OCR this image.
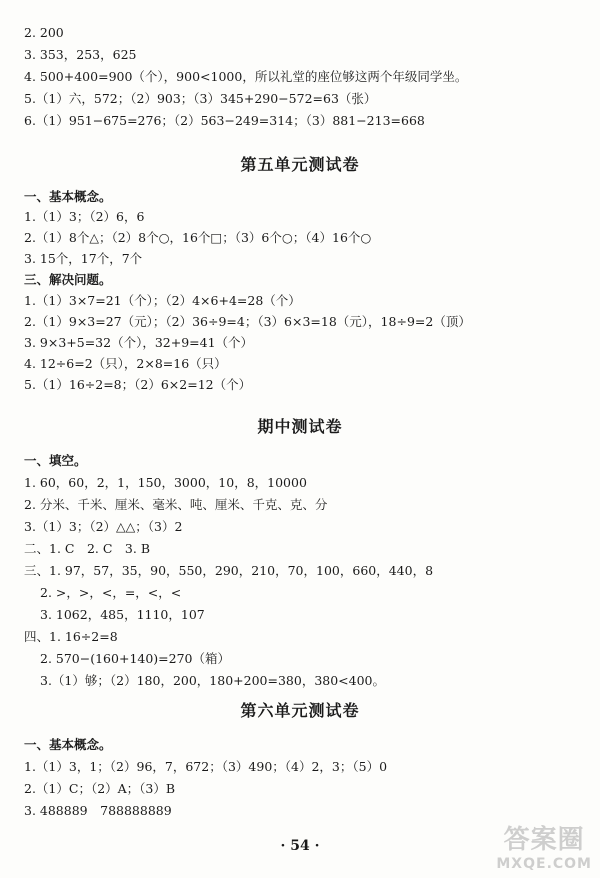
2. 200
3. 353，253，625
4. 500+400=900（个），900<1000，所以礼堂的座位够这两个年级同学坐。
5.（1）六，572；（2）903；（3）345+290−572=63（张）
6.（1）951−675=276；（2）563−249=314；（3）881−213=668
第五单元测试卷
一、基本概念。
1.（1）3；（2）6，6
2.（1）8个△；（2）8个○，16个□；（3）6个○；（4）16个○
3. 15个，17个，7个
三、解决问题。
1.（1）3×7=21（个）；（2）4×6+4=28（个）
2.（1）9×3=27（元）；（2）36÷9=4；（3）6×3=18（元），18÷9=2（顶）
3. 9×3+5=32（个），32+9=41（个）
4. 12÷6=2（只），2×8=16（只）
5.（1）16÷2=8；（2）6×2=12（个）
期中测试卷
一、填空。
1. 60，60，2，1，150，3000，10，8，10000
2. 分米、千米、厘米、毫米、吨、厘米、千克、克、分
3.（1）3；（2）△△；（3）2
二、1. C　2. C　3. B
三、1. 97，57，35，90，550，290，210，70，100，660，440，8
2. >，>，<，=，<，<
3. 1062，485，1110，107
四、1. 16÷2=8
2. 570−(160+140)=270（箱）
3.（1）够；（2）180，200，180+200=380，380<400。
第六单元测试卷
一、基本概念。
1.（1）3，1；（2）96，7，672；（3）490；（4）2，3；（5）0
2.（1）C；（2）A；（3）B
3. 488889　788888889
· 54 ·	答案圈
MXQE.COM
